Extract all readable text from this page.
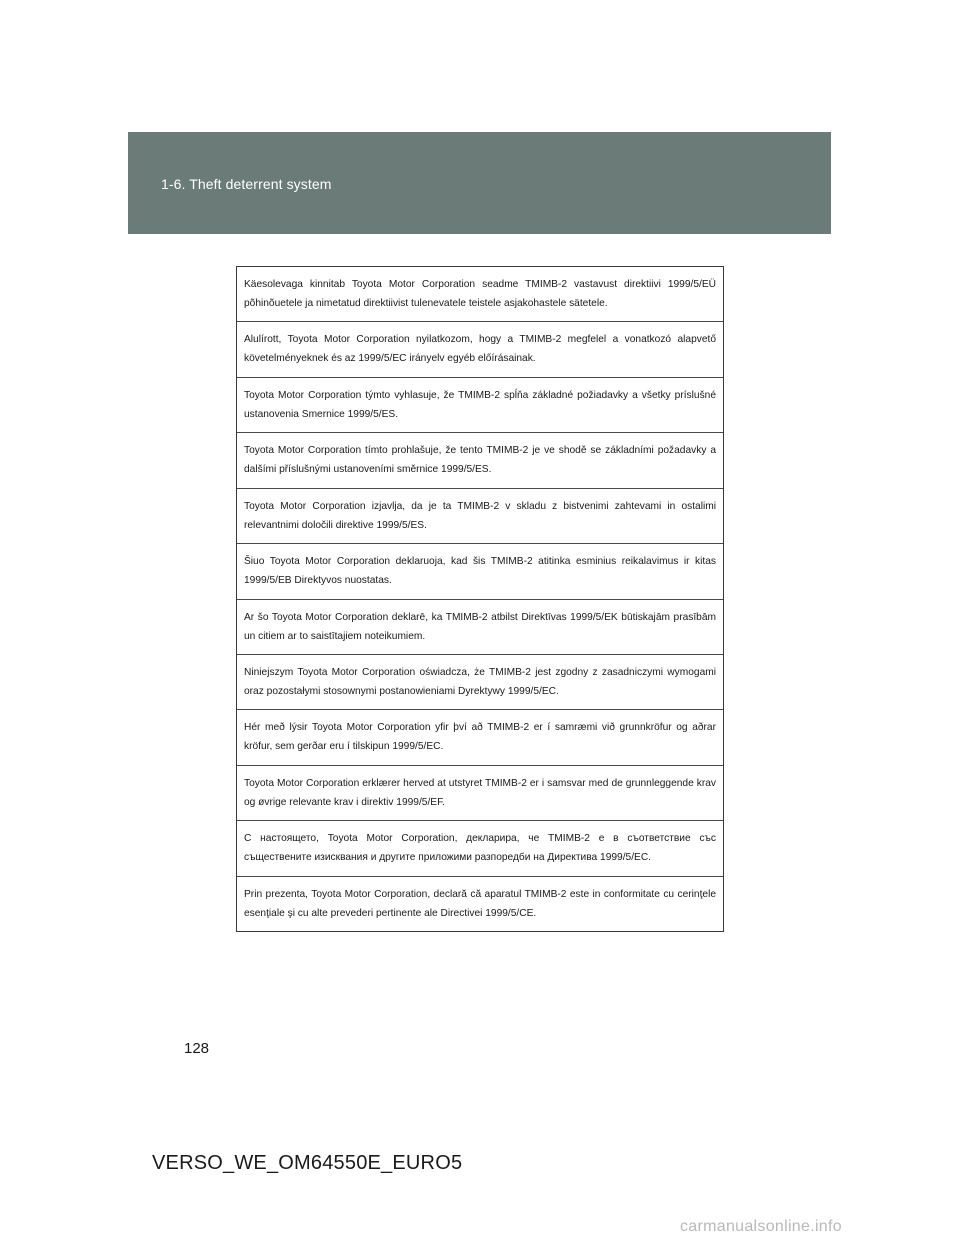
1-6. Theft deterrent system

Käesolevaga kinnitab Toyota Motor Corporation seadme TMIMB-2 vastavust direktiivi 1999/5/EÜ põhinõuetele ja nimetatud direktiivist tulenevatele teistele asjakohastele sätetele.

Alulírott, Toyota Motor Corporation nyilatkozom, hogy a TMIMB-2 megfelel a vonatkozó alapvető követelményeknek és az 1999/5/EC irányelv egyéb előírásainak.

Toyota Motor Corporation týmto vyhlasuje, že TMIMB-2 spĺňa základné požiadavky a všetky príslušné ustanovenia Smernice 1999/5/ES.

Toyota Motor Corporation tímto prohlašuje, že tento TMIMB-2 je ve shodě se základními požadavky a dalšími příslušnými ustanoveními směrnice 1999/5/ES.

Toyota Motor Corporation izjavlja, da je ta TMIMB-2 v skladu z bistvenimi zahtevami in ostalimi relevantnimi določili direktive 1999/5/ES.

Šiuo Toyota Motor Corporation deklaruoja, kad šis TMIMB-2 atitinka esminius reikalavimus ir kitas 1999/5/EB Direktyvos nuostatas.

Ar šo Toyota Motor Corporation deklarē, ka TMIMB-2 atbilst Direktīvas 1999/5/EK būtiskajām prasībām un citiem ar to saistītajiem noteikumiem.

Niniejszym Toyota Motor Corporation oświadcza, że TMIMB-2 jest zgodny z zasadniczymi wymogami oraz pozostałymi stosownymi postanowieniami Dyrektywy 1999/5/EC.

Hér með lýsir Toyota Motor Corporation yfir því að TMIMB-2 er í samræmi við grunnkröfur og aðrar kröfur, sem gerðar eru í tilskipun 1999/5/EC.

Toyota Motor Corporation erklærer herved at utstyret TMIMB-2 er i samsvar med de grunnleggende krav og øvrige relevante krav i direktiv 1999/5/EF.

С настоящето, Toyota Motor Corporation, декларира, че TMIMB-2 е в съответствие със съществените изисквания и другите приложими разпоредби на Директива 1999/5/ЕС.

Prin prezenta, Toyota Motor Corporation, declară că aparatul TMIMB-2 este in conformitate cu cerinţele esenţiale şi cu alte prevederi pertinente ale Directivei 1999/5/CE.

128
VERSO_WE_OM64550E_EURO5
carmanualsonline.info
